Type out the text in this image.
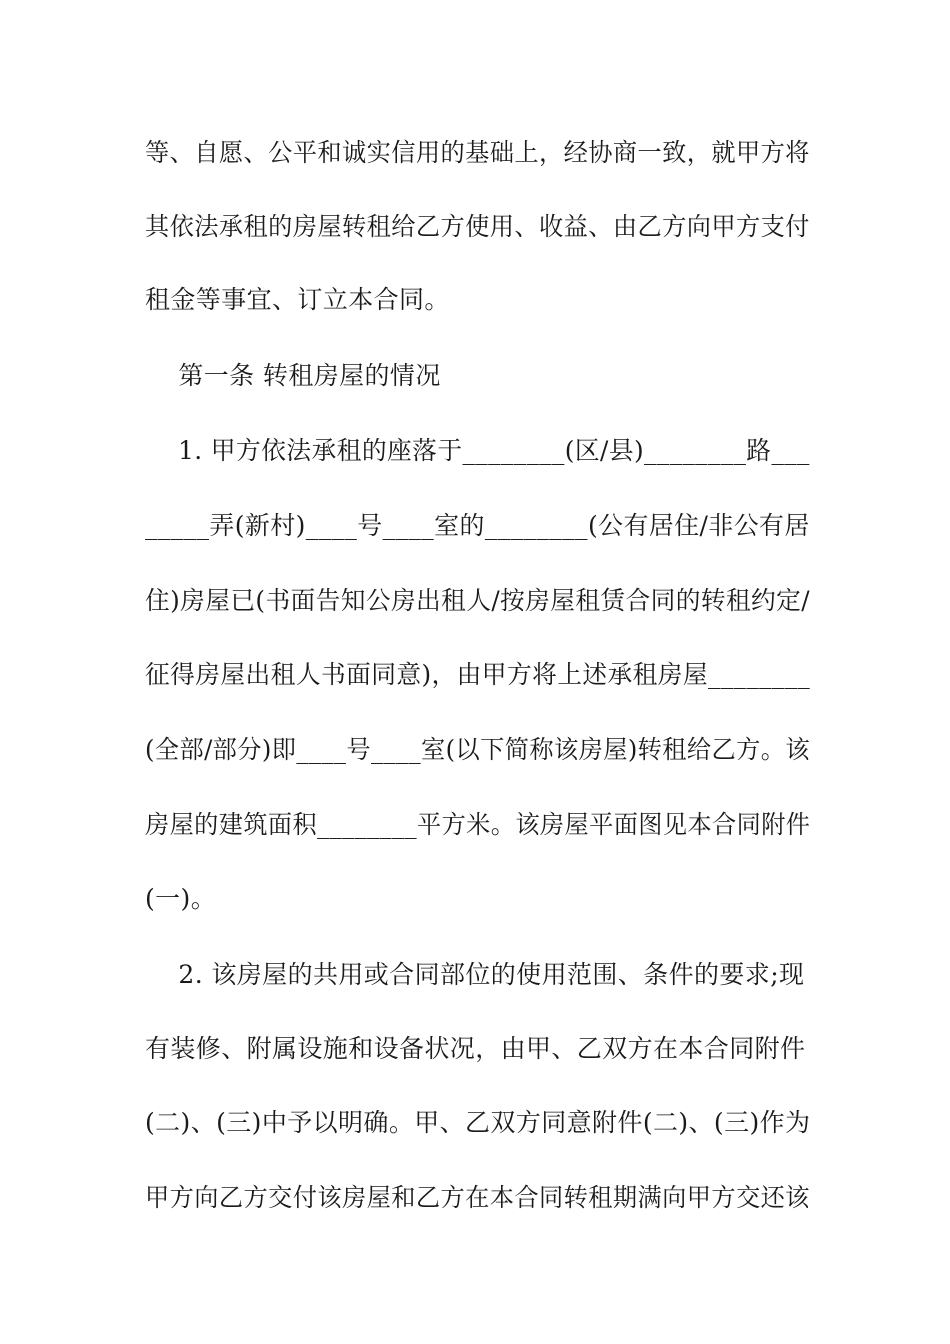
等、自愿、公平和诚实信用的基础上，经协商一致，就甲方将
其依法承租的房屋转租给乙方使用、收益、由乙方向甲方支付
租金等事宜、订立本合同。
第一条 转租房屋的情况
1. 甲方依法承租的座落于________(区/县)________路___
_____弄(新村)____号____室的________(公有居住/非公有居
住)房屋已(书面告知公房出租人/按房屋租赁合同的转租约定/
征得房屋出租人书面同意)，由甲方将上述承租房屋________
(全部/部分)即____号____室(以下简称该房屋)转租给乙方。该
房屋的建筑面积________平方米。该房屋平面图见本合同附件
(一)。
2. 该房屋的共用或合同部位的使用范围、条件的要求;现
有装修、附属设施和设备状况，由甲、乙双方在本合同附件
(二)、(三)中予以明确。甲、乙双方同意附件(二)、(三)作为
甲方向乙方交付该房屋和乙方在本合同转租期满向甲方交还该
